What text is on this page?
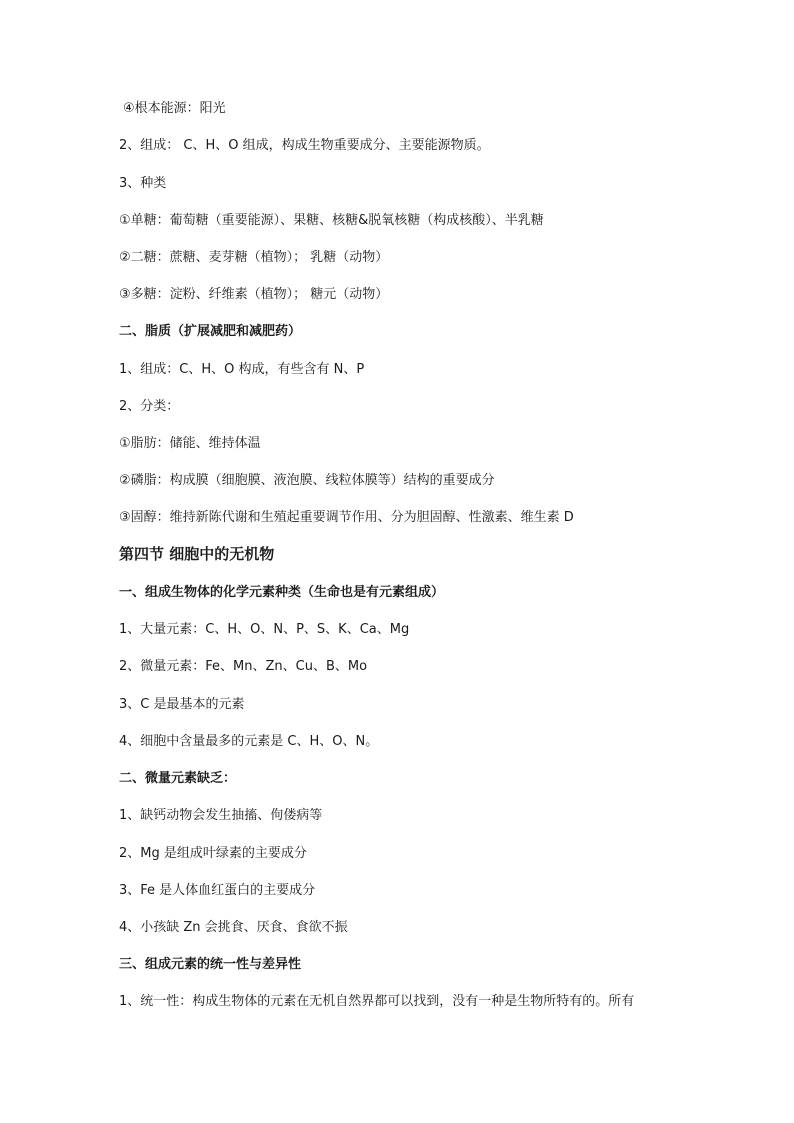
④根本能源：阳光
2、组成： C、H、O 组成，构成生物重要成分、主要能源物质。
3、种类
①单糖：葡萄糖（重要能源）、果糖、核糖&脱氧核糖（构成核酸）、半乳糖
②二糖：蔗糖、麦芽糖（植物）； 乳糖（动物）
③多糖：淀粉、纤维素（植物）； 糖元（动物）
二、脂质（扩展减肥和减肥药）
1、组成：C、H、O 构成，有些含有 N、P
2、分类：
①脂肪：储能、维持体温
②磷脂：构成膜（细胞膜、液泡膜、线粒体膜等）结构的重要成分
③固醇：维持新陈代谢和生殖起重要调节作用、分为胆固醇、性激素、维生素 D
第四节 细胞中的无机物
一、组成生物体的化学元素种类（生命也是有元素组成）
1、大量元素：C、H、O、N、P、S、K、Ca、Mg
2、微量元素：Fe、Mn、Zn、Cu、B、Mo
3、C 是最基本的元素
4、细胞中含量最多的元素是 C、H、O、N。
二、微量元素缺乏：
1、缺钙动物会发生抽搐、佝偻病等
2、Mg 是组成叶绿素的主要成分
3、Fe 是人体血红蛋白的主要成分
4、小孩缺 Zn 会挑食、厌食、食欲不振
三、组成元素的统一性与差异性
1、统一性：构成生物体的元素在无机自然界都可以找到，没有一种是生物所特有的。所有
